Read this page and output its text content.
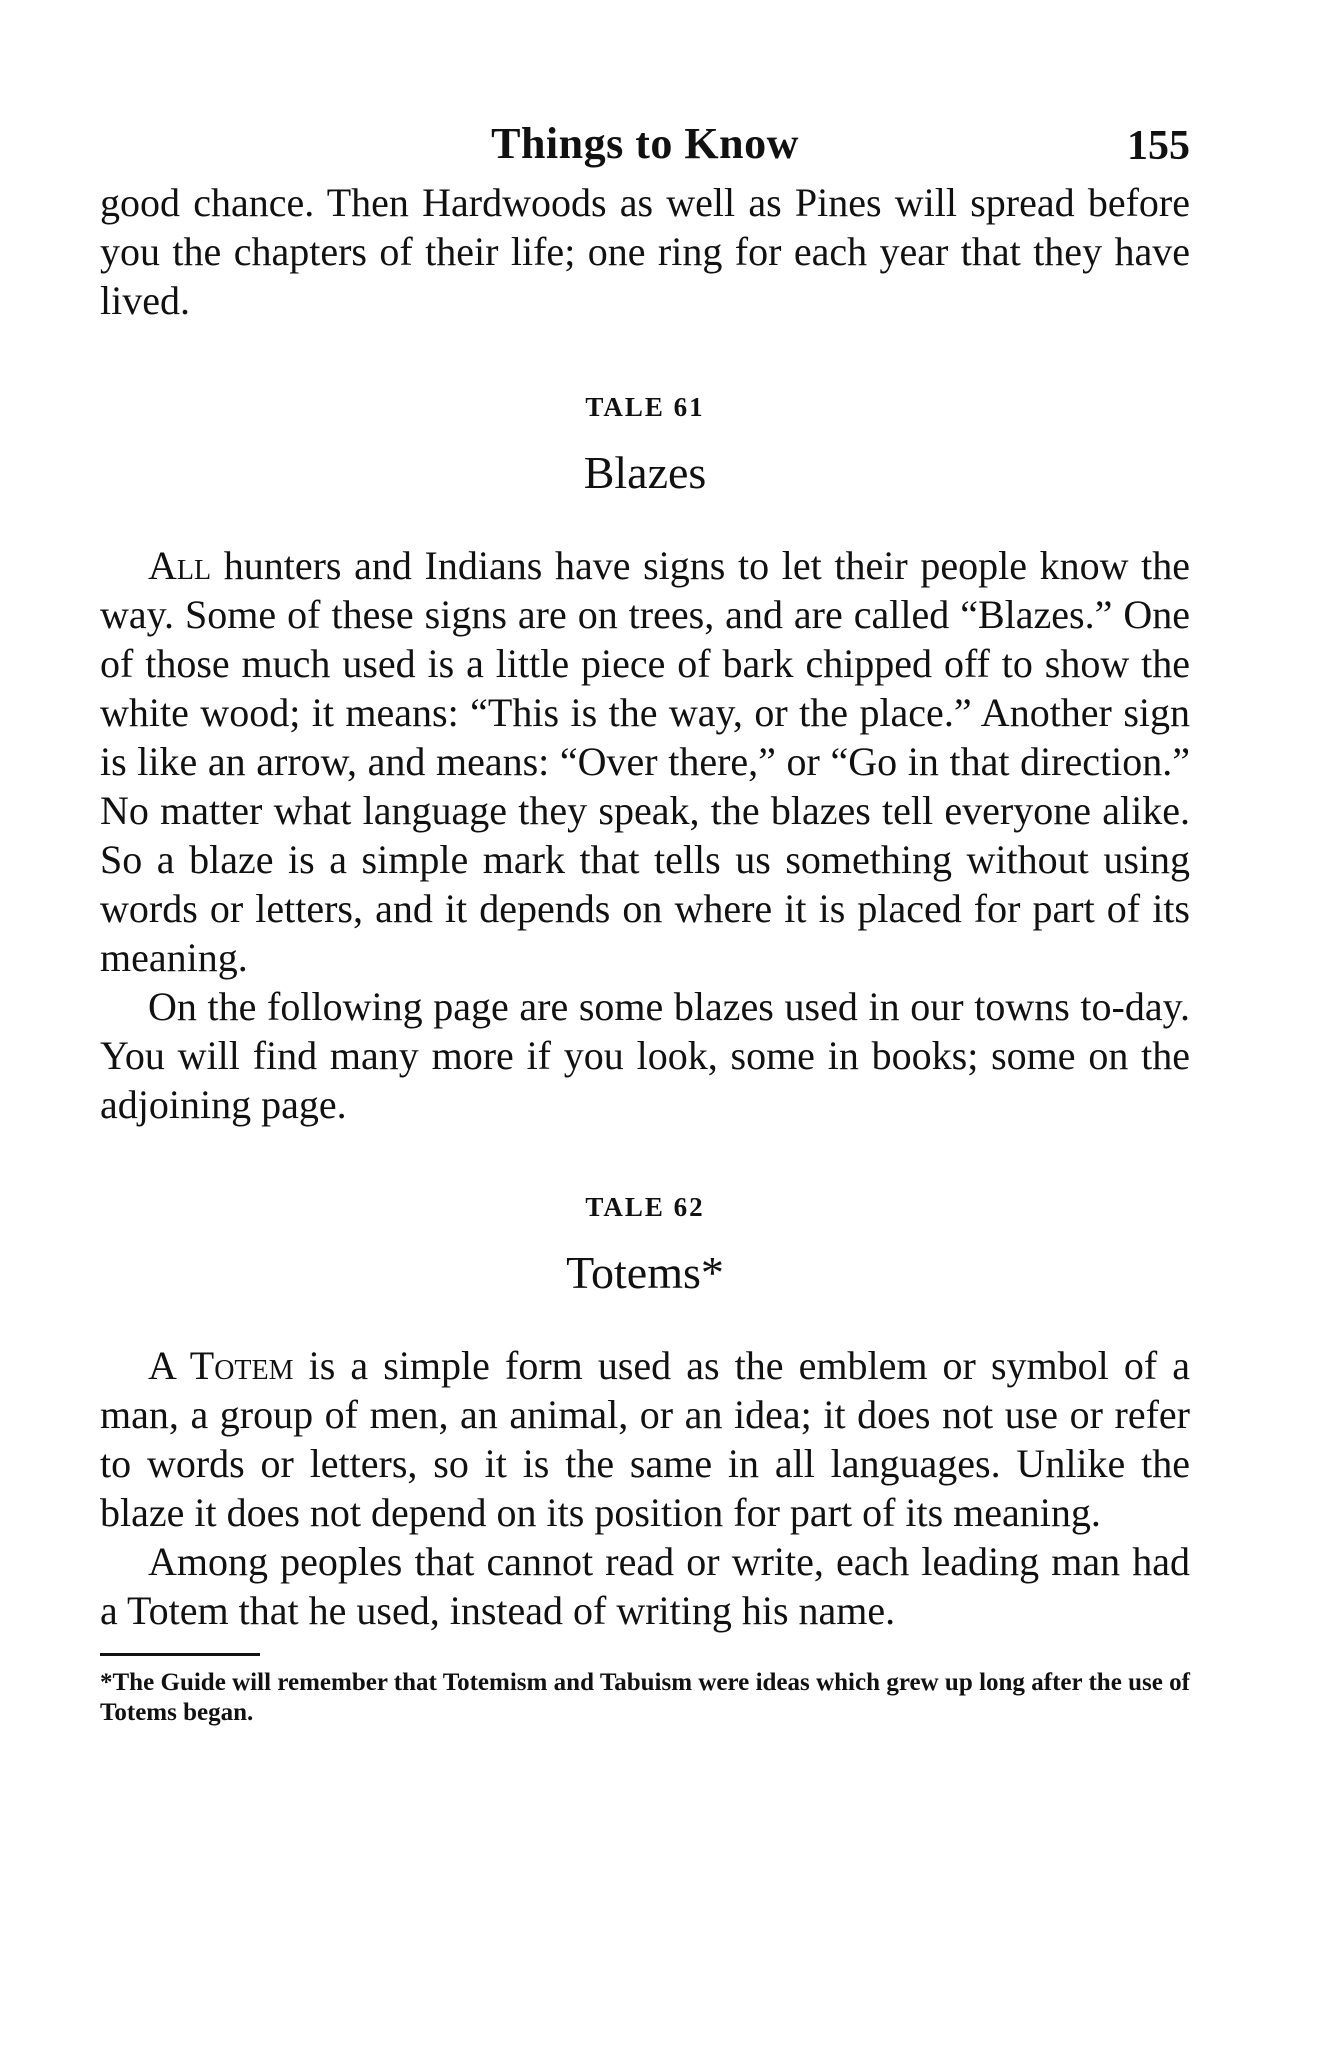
Things to Know	155

good chance. Then Hardwoods as well as Pines will spread before you the chapters of their life; one ring for each year that they have lived.

TALE 61
Blazes

All hunters and Indians have signs to let their people know the way. Some of these signs are on trees, and are called “Blazes.” One of those much used is a little piece of bark chipped off to show the white wood; it means: “This is the way, or the place.” Another sign is like an arrow, and means: “Over there,” or “Go in that direction.” No matter what language they speak, the blazes tell everyone alike. So a blaze is a simple mark that tells us something without using words or letters, and it depends on where it is placed for part of its meaning.

On the following page are some blazes used in our towns to-day. You will find many more if you look, some in books; some on the adjoining page.

TALE 62
Totems*

A Totem is a simple form used as the emblem or symbol of a man, a group of men, an animal, or an idea; it does not use or refer to words or letters, so it is the same in all languages. Unlike the blaze it does not depend on its position for part of its meaning.

Among peoples that cannot read or write, each leading man had a Totem that he used, instead of writing his name.

*The Guide will remember that Totemism and Tabuism were ideas which grew up long after the use of Totems began.
